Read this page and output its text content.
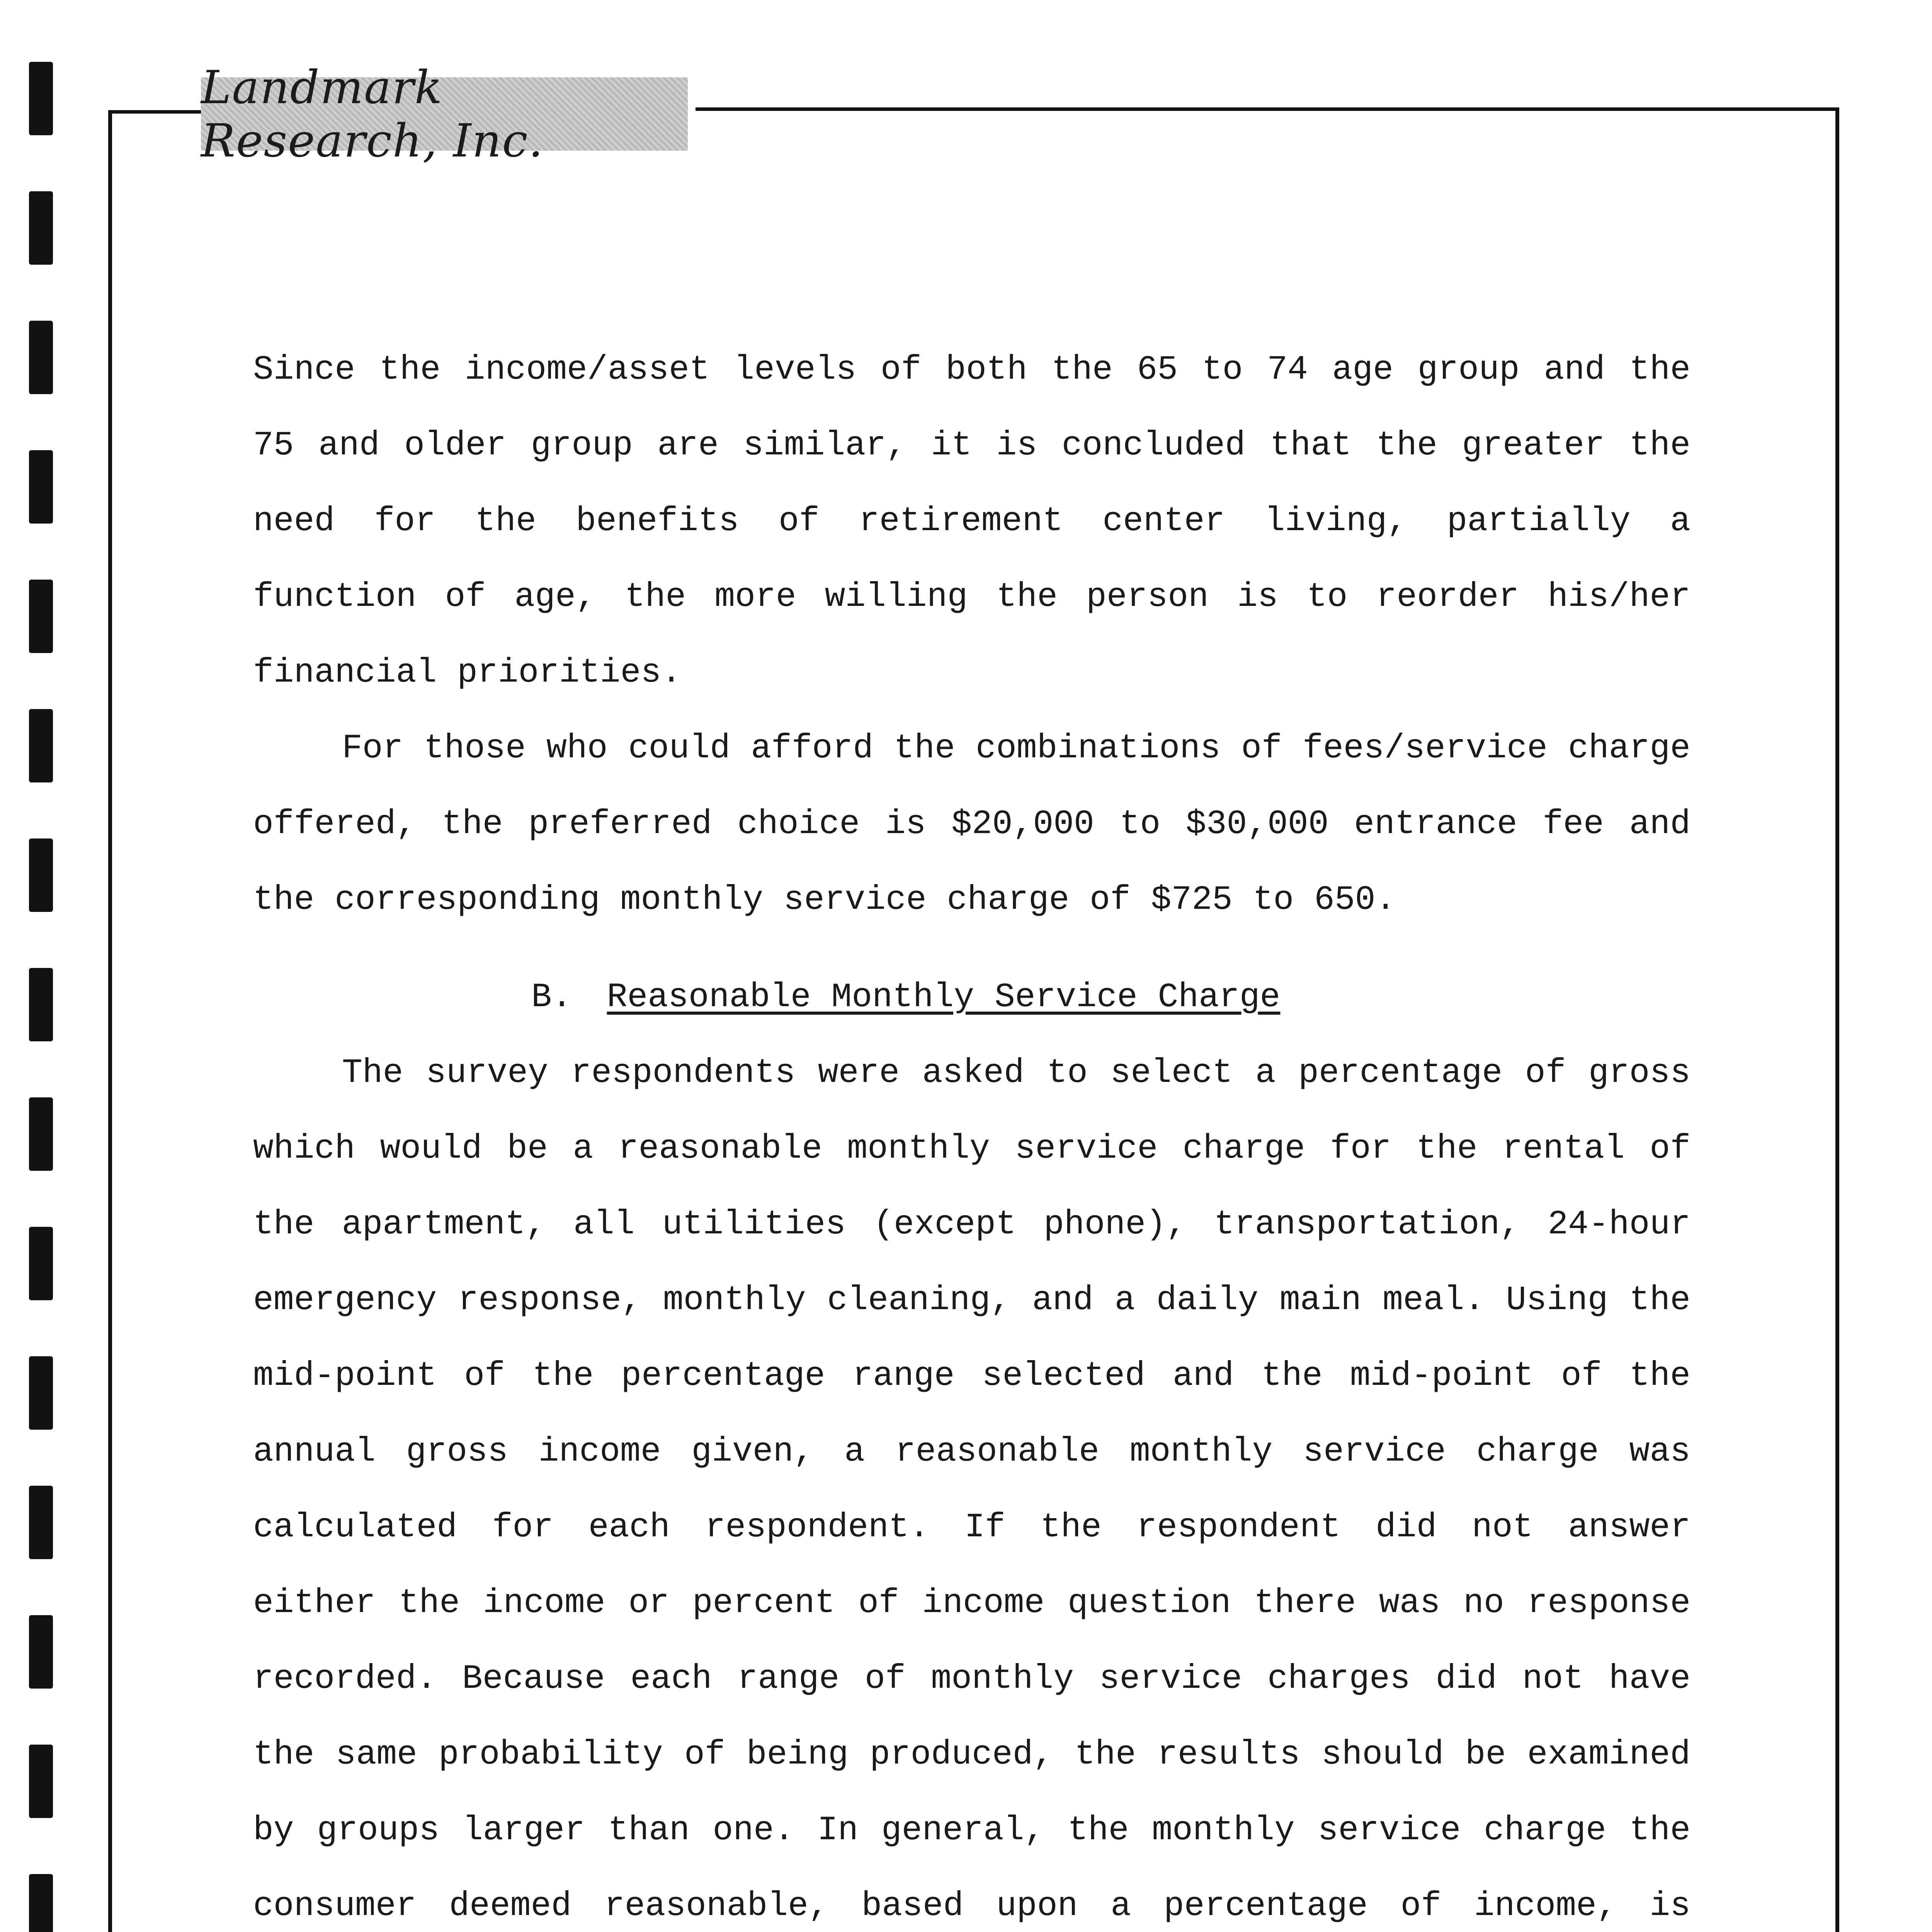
Landmark Research, Inc.

Since the income/asset levels of both the 65 to 74 age group and the 75 and older group are similar, it is concluded that the greater the need for the benefits of retirement center living, partially a function of age, the more willing the person is to reorder his/her financial priorities.

For those who could afford the combinations of fees/service charge offered, the preferred choice is $20,000 to $30,000 entrance fee and the corresponding monthly service charge of $725 to 650.

B. Reasonable Monthly Service Charge

The survey respondents were asked to select a percentage of gross which would be a reasonable monthly service charge for the rental of the apartment, all utilities (except phone), transportation, 24-hour emergency response, monthly cleaning, and a daily main meal. Using the mid-point of the percentage range selected and the mid-point of the annual gross income given, a reasonable monthly service charge was calculated for each respondent. If the respondent did not answer either the income or percent of income question there was no response recorded. Because each range of monthly service charges did not have the same probability of being produced, the results should be examined by groups larger than one. In general, the monthly service charge the consumer deemed reasonable, based upon a percentage of income, is
